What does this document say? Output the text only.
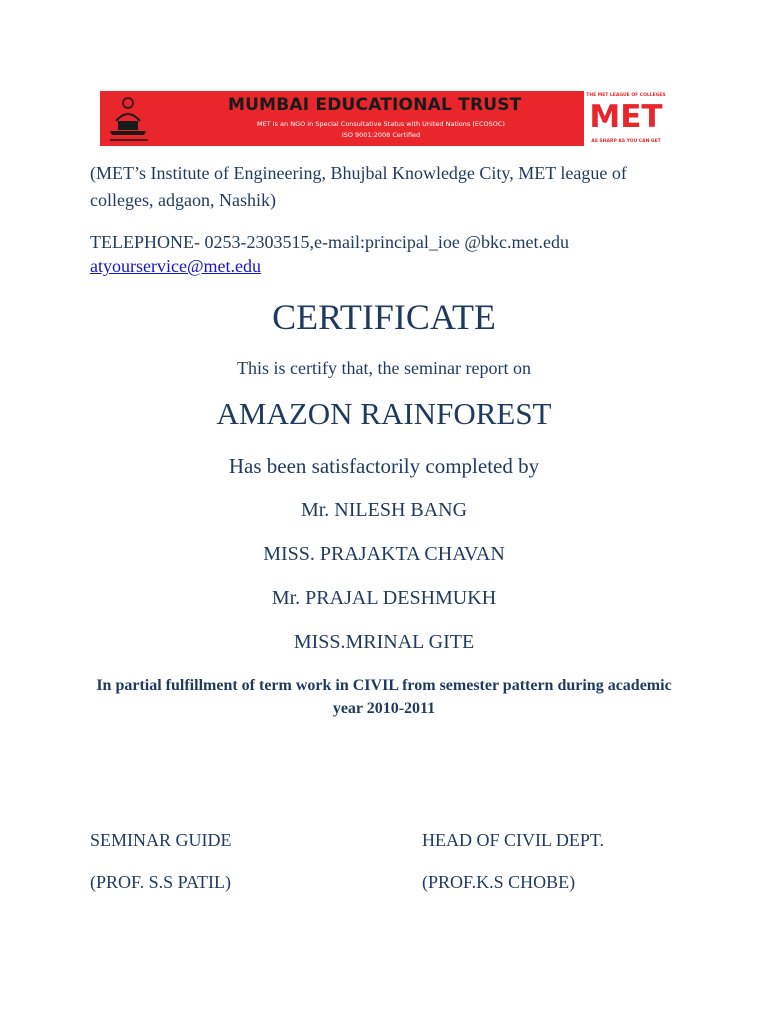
MUMBAI EDUCATIONAL TRUST
MET is an NGO in Special Consultative Status with United Nations (ECOSOC)
ISO 9001:2008 Certified
THE MET LEAGUE OF COLLEGES
MET
AS SHARP AS YOU CAN GET
(MET’s Institute of Engineering, Bhujbal Knowledge City, MET league of colleges, adgaon, Nashik)
TELEPHONE- 0253-2303515,e-mail:principal_ioe @bkc.met.edu
atyourservice@met.edu
CERTIFICATE
This is certify that, the seminar report on
AMAZON RAINFOREST
Has been satisfactorily completed by
Mr. NILESH BANG
MISS. PRAJAKTA CHAVAN
Mr. PRAJAL DESHMUKH
MISS.MRINAL GITE
In partial fulfillment of term work in CIVIL from semester pattern during academic year 2010-2011
SEMINAR GUIDE	HEAD OF CIVIL DEPT.
(PROF. S.S PATIL)	(PROF.K.S CHOBE)
